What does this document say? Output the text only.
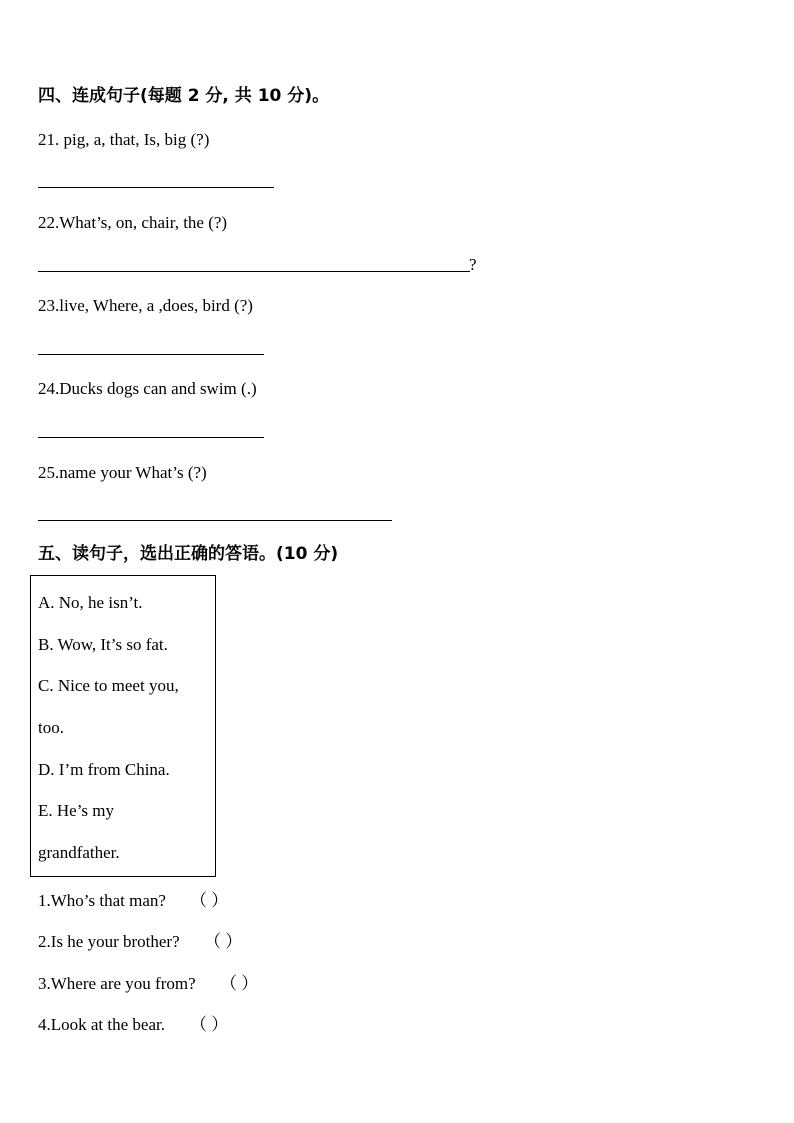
四、连成句子(每题 2 分, 共 10 分)。
21. pig, a, that, Is, big (?)
22.What’s, on, chair, the (?)
?
23.live, Where, a ,does, bird (?)
24.Ducks dogs can and swim (.)
25.name your What’s (?)
五、读句子，选出正确的答语。(10 分)
A. No, he isn’t.
B. Wow, It’s so fat.
C. Nice to meet you,
too.
D. I’m from China.
E. He’s my
grandfather.
1.Who’s that man? （ ）
2.Is he your brother? （ ）
3.Where are you from? （ ）
4.Look at the bear. （ ）
